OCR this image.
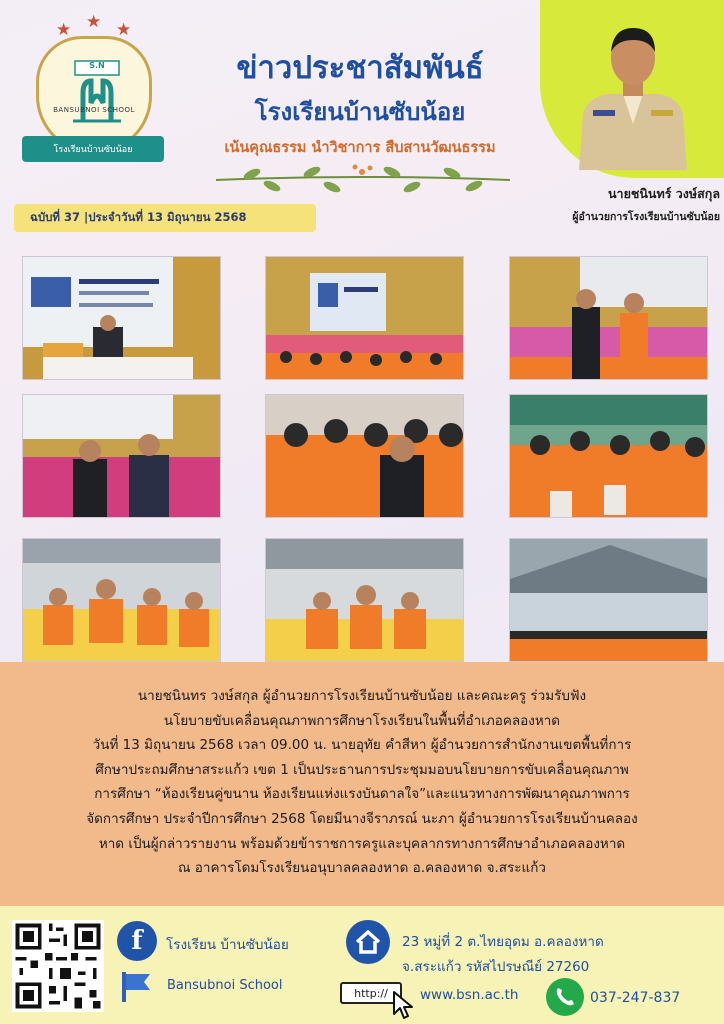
★ ★ ★
S.N
BANSUBNOI SCHOOL
โรงเรียนบ้านซับน้อย
ข่าวประชาสัมพันธ์
โรงเรียนบ้านซับน้อย
เน้นคุณธรรม นำวิชาการ สืบสานวัฒนธรรม
นายชนินทร์ วงษ์สกุล
ผู้อำนวยการโรงเรียนบ้านซับน้อย
ฉบับที่ 37 |ประจำวันที่ 13 มิถุนายน 2568
นายชนินทร วงษ์สกุล ผู้อำนวยการโรงเรียนบ้านซับน้อย และคณะครู ร่วมรับฟัง
นโยบายขับเคลื่อนคุณภาพการศึกษาโรงเรียนในพื้นที่อำเภอคลองหาด
วันที่ 13 มิถุนายน 2568 เวลา 09.00 น. นายอุทัย คำสีหา ผู้อำนวยการสำนักงานเขตพื้นที่การ
ศึกษาประถมศึกษาสระแก้ว เขต 1 เป็นประธานการประชุมมอบนโยบายการขับเคลื่อนคุณภาพ
การศึกษา “ห้องเรียนคู่ขนาน ห้องเรียนแห่งแรงบันดาลใจ”และแนวทางการพัฒนาคุณภาพการ
จัดการศึกษา ประจำปีการศึกษา 2568 โดยมีนางจีราภรณ์ นะภา ผู้อำนวยการโรงเรียนบ้านคลอง
หาด เป็นผู้กล่าวรายงาน พร้อมด้วยข้าราชการครูและบุคลากรทางการศึกษาอำเภอคลองหาด
ณ อาคารโดมโรงเรียนอนุบาลคลองหาด อ.คลองหาด จ.สระแก้ว
f	โรงเรียน บ้านซับน้อย
Bansubnoi School
23 หมู่ที่ 2 ต.ไทยอุดม อ.คลองหาด
จ.สระแก้ว รหัสไปรษณีย์ 27260
http://	www.bsn.ac.th	037-247-837
